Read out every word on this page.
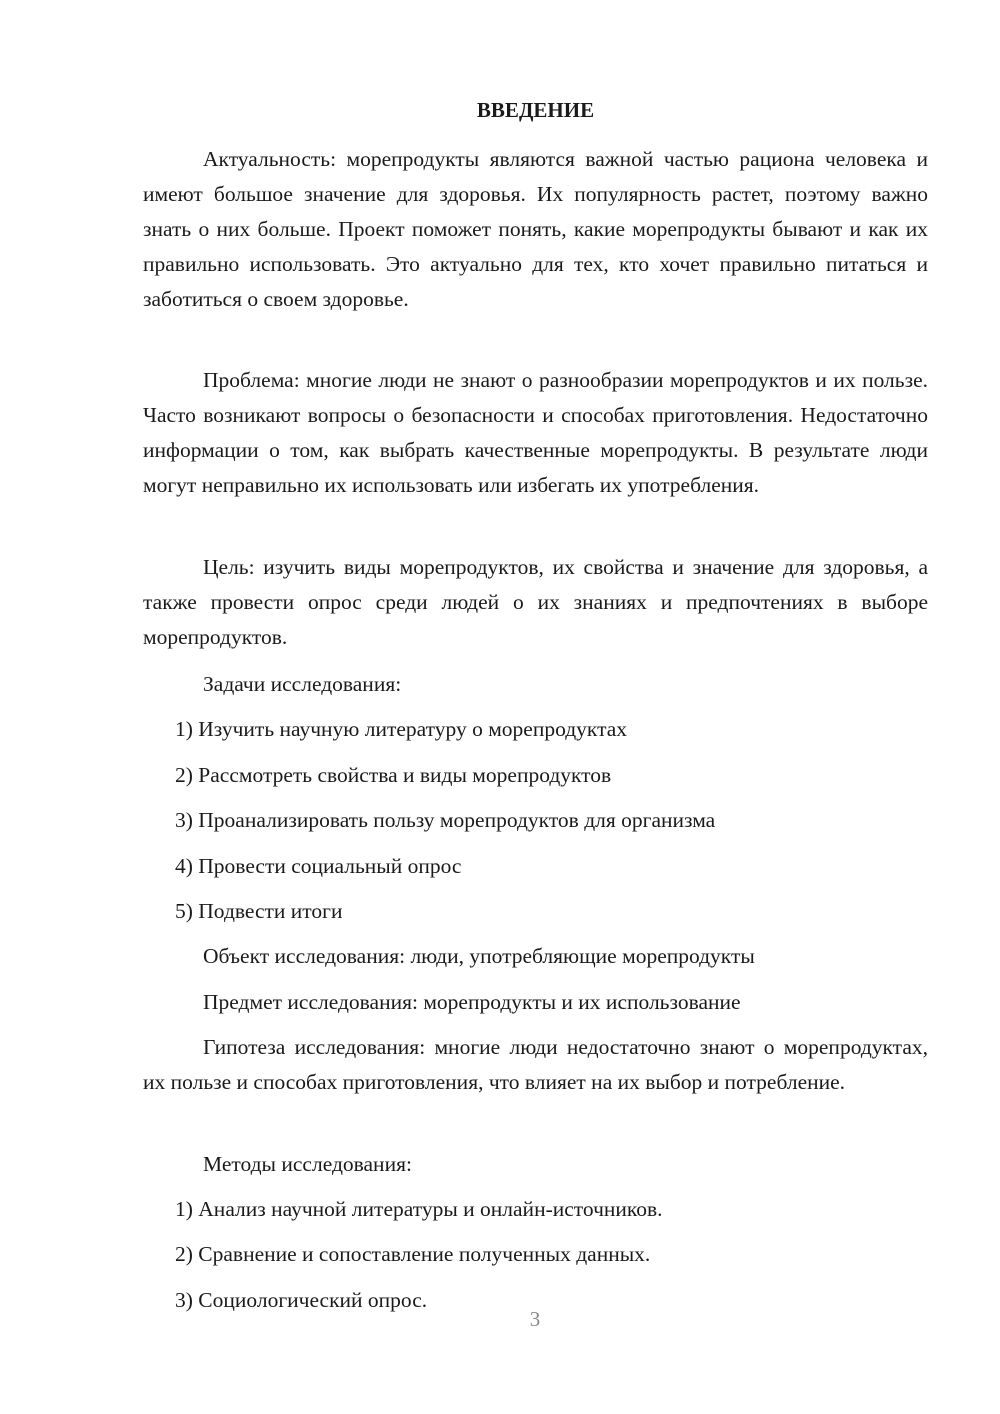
ВВЕДЕНИЕ

Актуальность: морепродукты являются важной частью рациона человека и имеют большое значение для здоровья. Их популярность растет, поэтому важно знать о них больше. Проект поможет понять, какие морепродукты бывают и как их правильно использовать. Это актуально для тех, кто хочет правильно питаться и заботиться о своем здоровье.

Проблема: многие люди не знают о разнообразии морепродуктов и их пользе. Часто возникают вопросы о безопасности и способах приготовления. Недостаточно информации о том, как выбрать качественные морепродукты. В результате люди могут неправильно их использовать или избегать их употребления.

Цель: изучить виды морепродуктов, их свойства и значение для здоровья, а также провести опрос среди людей о их знаниях и предпочтениях в выборе морепродуктов.

Задачи исследования:

1) Изучить научную литературу о морепродуктах

2) Рассмотреть свойства и виды морепродуктов

3) Проанализировать пользу морепродуктов для организма

4) Провести социальный опрос

5) Подвести итоги

Объект исследования: люди, употребляющие морепродукты

Предмет исследования: морепродукты и их использование

Гипотеза исследования: многие люди недостаточно знают о морепродуктах, их пользе и способах приготовления, что влияет на их выбор и потребление.

Методы исследования:

1) Анализ научной литературы и онлайн-источников.

2) Сравнение и сопоставление полученных данных.

3) Социологический опрос.

3
